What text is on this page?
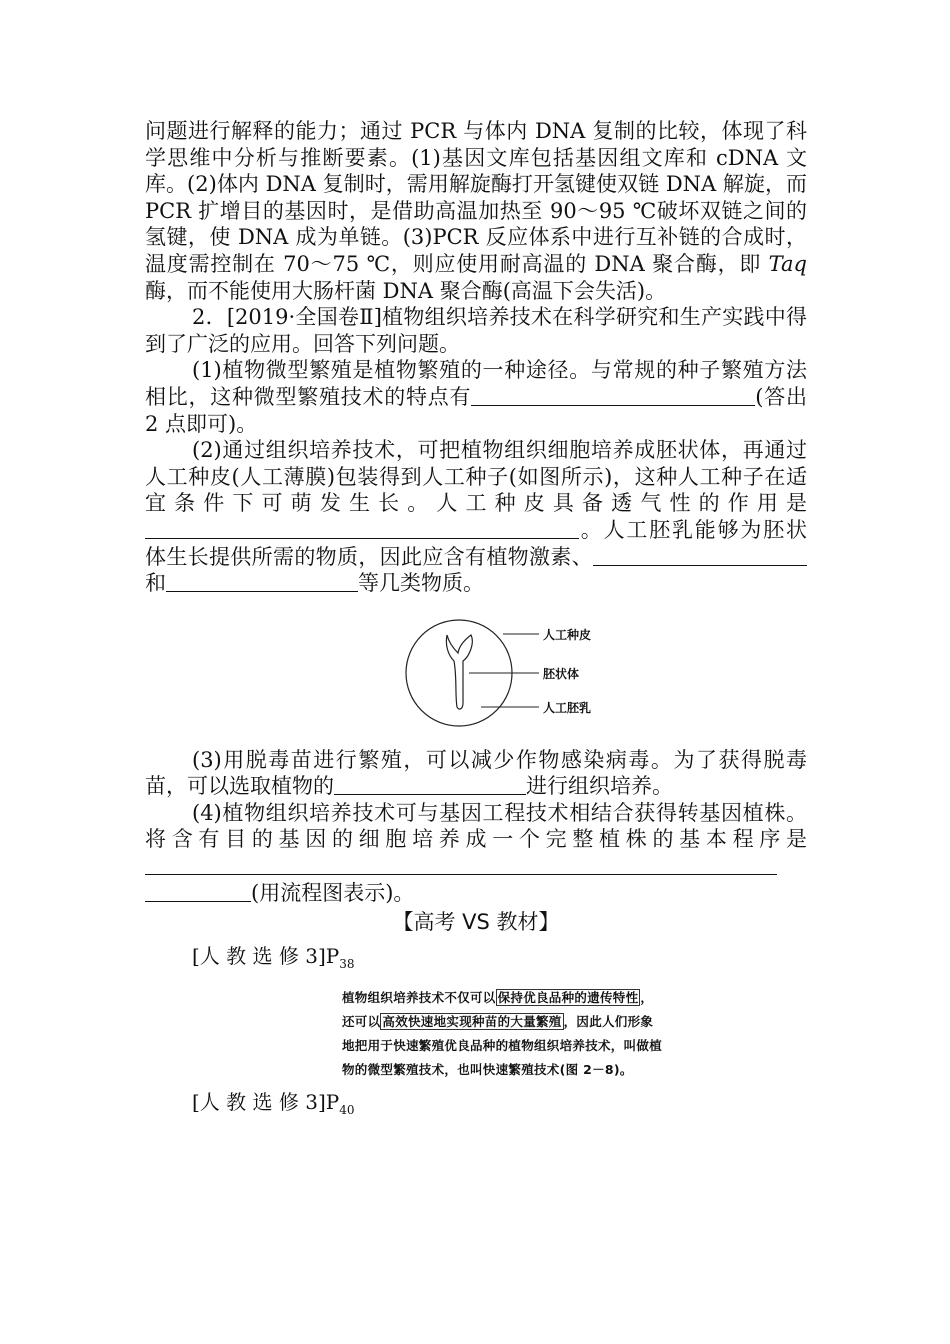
问题进行解释的能力；通过 PCR 与体内 DNA 复制的比较，体现了科学思维中分析与推断要素。(1)基因文库包括基因组文库和 cDNA 文库。(2)体内 DNA 复制时，需用解旋酶打开氢键使双链 DNA 解旋，而 PCR 扩增目的基因时，是借助高温加热至 90～95 ℃破坏双链之间的氢键，使 DNA 成为单链。(3)PCR 反应体系中进行互补链的合成时，温度需控制在 70～75 ℃，则应使用耐高温的 DNA 聚合酶，即 Taq 酶，而不能使用大肠杆菌 DNA 聚合酶(高温下会失活)。

2．[2019·全国卷Ⅱ]植物组织培养技术在科学研究和生产实践中得到了广泛的应用。回答下列问题。

(1)植物微型繁殖是植物繁殖的一种途径。与常规的种子繁殖方法相比，这种微型繁殖技术的特点有	(答出 2 点即可)。

(2)通过组织培养技术，可把植物组织细胞培养成胚状体，再通过人工种皮(人工薄膜)包装得到人工种子(如图所示)，这种人工种子在适宜条件下可萌发生长。人工种皮具备透气性的作用是。人工胚乳能够为胚状体生长提供所需的物质，因此应含有植物激素、和	等几类物质。

人工种皮
胚状体
人工胚乳

(3)用脱毒苗进行繁殖，可以减少作物感染病毒。为了获得脱毒苗，可以选取植物的	进行组织培养。

(4)植物组织培养技术可与基因工程技术相结合获得转基因植株。将含有目的基因的细胞培养成一个完整植株的基本程序是 (用流程图表示)。

【高考 VS 教材】
[人 教 选 修 $3]P_{38}$
植物组织培养技术不仅可以 保持优良品种的遗传特性 ，还可以 高效快速地实现种苗的大量繁殖 ，因此人们形象地把用于快速繁殖优良品种的植物组织培养技术，叫做植物的微型繁殖技术，也叫快速繁殖技术(图 2－8)。
[人 教 选 修 $3]P_{40}$
